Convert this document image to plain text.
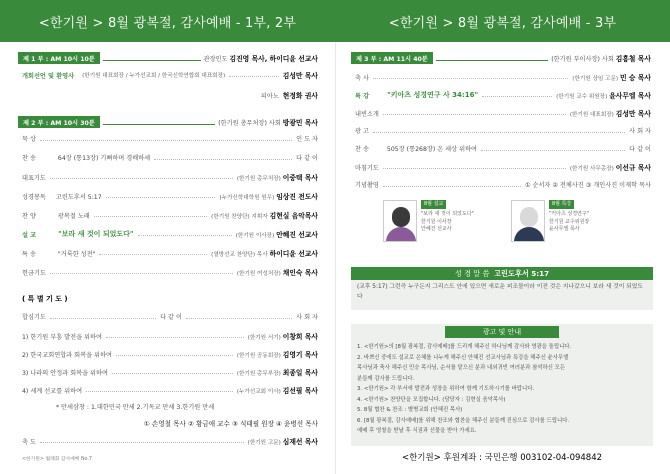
<한기원 > 8월 광복절, 감사예배 - 1부, 2부
제 1 부 : AM 10시 10분	관장인도 김진영 목사, 하이디윤 선교사
개회선언 및 환영사 (한기원 대표회장 / 누가선교회 / 한국신학연합회 대표회장)	김성만 목사
피아노 현정화 권사
제 2 부 : AM 10시 30분	(한기원 총무처장) 사회 방광민 목사
묵 상	인 도 자
찬 송	64장 (통13장) 기뻐하며 경배하세	다 같 이
대표기도	(한기원 총무처장) 이중택 목사
성경봉독 고린도후서 5:17	(누가신학대학원 원우) 임상진 전도사
찬 양	광복절 노래	(한기원 찬양단) 지휘자 김현실 음악목사
설 교	"보라 새 것이 되었도다"	(한기원 이사장) 안혜진 선교사
특 송	"거룩한 성전"	(열방선교 찬양단) 목사 하이디윤 선교사
헌금기도	(한기원 여성처장) 채인숙 목사
( 특 별 기 도 )
합심기도	다 같 이	사 회 자
1) 한기원 부흥 발전을 위하여	(한기원 서기) 이창희 목사
2) 한국교회연합과 회복을 위하여	(한기원 공동회장) 김영기 목사
3) 나라의 안정과 회복을 위하여	(한기원 총무부장) 최종일 목사
4) 세계 선교를 위하여	(누가선교회 이사) 김선필 목사
* 만세삼창 : 1.대한민국 만세 2.기독교 만세 3.한기원 만세
① 손영철 목사 ② 황금애 교수 ③ 석태필 원장 ④ 윤병선 목사
축 도	(한기원 고문) 심재선 목사
<한기원> 월례회 감사예배 No.7
<한기원 > 8월 광복절, 감사예배 - 3부
제 3 부 : AM 11시 40분	(한기원 부이사장) 사회 김흥철 목사
축 사	(한기원 상임 고문) 민 승 목사
특 강	"키아츠 성경연구 사 34:16"	(한기원 교수 위원장) 윤사무엘 목사
내빈소개	(한기원 대표회장) 김성만 목사
광 고	사 회 자
찬 송	505장 (통268장) 온 세상 위하여	다 같 이
마침기도	(한기원 사무총장) 이선규 목사
기념촬영	① 순서자 ② 전체사진 ③ 개인사진 이재학 목사
8월 설교
"보라 새 것이 되었도다"
한기원 이사장
안혜진 선교사
8월 특강
"키아츠 성경연구"
한기원 교수위원장
윤사무엘 목사
성 경 말 씀
고린도후서 5:17
(교후 5:17) 그런즉 누구든지 그리스도 안에 있으면 새로운 피조물이라 이전 것은 지나갔으니 보라 새 것이 되었도다
광고 및 안내
1. <한기원>의 [8월 광복절, 감사예배]를 드리게 해주신 하나님께 감사와 영광을 돌립니다.
2. 바쁘신 중에도 설교로 은혜를 나누게 해주신 안혜진 선교사님과 특강을 해주신 윤사무엘
목사님과 축사 해주신 민승 목사님, 순서를 맡으신 분과 내외귀빈 여러분과 참석하신 모든
분들께 감사를 드립니다.
3. <한기원> 각 부서에 발전과 성장을 위하여 함께 기도하시기를 바랍니다.
4. <한기원> 찬양단을 모집합니다. (담당자 : 김현실 음악목사)
5. 8월 협찬 & 찬조 : 별병교회 (안혜진 목사)
6. [8월 광복절, 감사예배]를 위해 찬조와 협찬을 해주신 분들께 진심으로 감사를 드립니다.
예배 후 영철을 받날 후 식권과 선물을 받아 가세요.
<한기원> 후원계좌 : 국민은행 003102-04-094842
